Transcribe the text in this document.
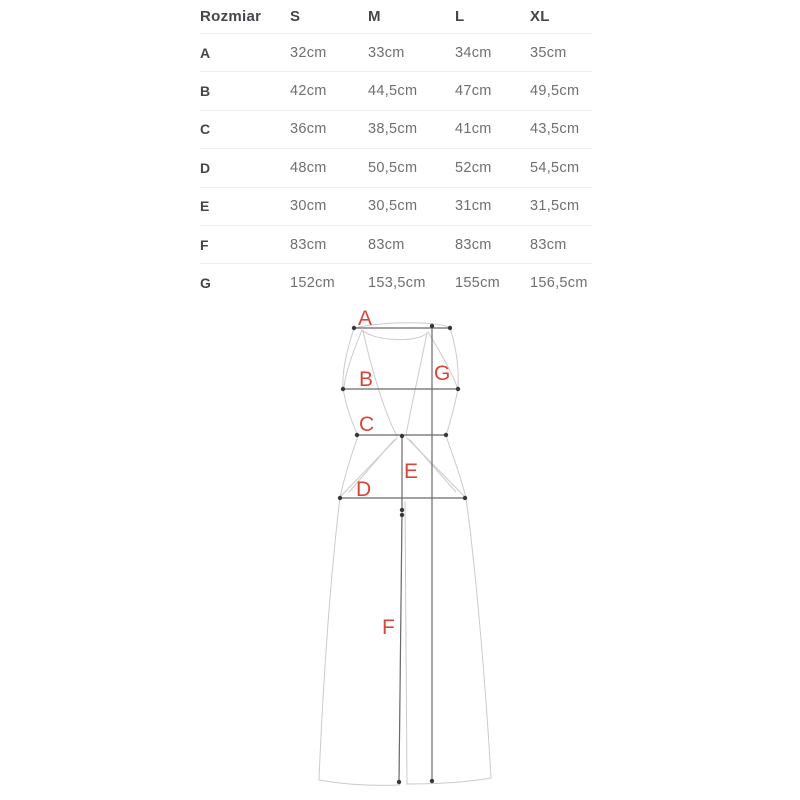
Rozmiar	S	M	L	XL
A	32cm	33cm	34cm	35cm
B	42cm	44,5cm	47cm	49,5cm
C	36cm	38,5cm	41cm	43,5cm
D	48cm	50,5cm	52cm	54,5cm
E	30cm	30,5cm	31cm	31,5cm
F	83cm	83cm	83cm	83cm
G	152cm	153,5cm	155cm	156,5cm
A
B
C
D
E
F
G
